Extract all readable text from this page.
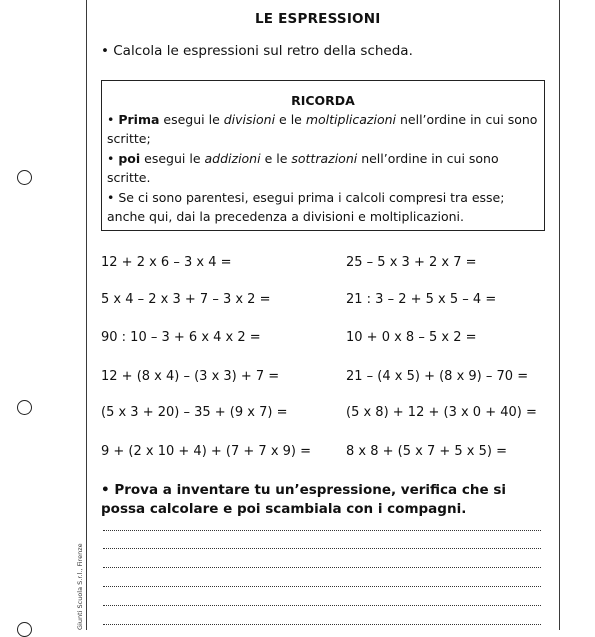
Giunti Scuola S.r.l., Firenze
LE ESPRESSIONI
• Calcola le espressioni sul retro della scheda.
RICORDA
• Prima esegui le divisioni e le moltiplicazioni nell’ordine in cui sono scritte;
• poi esegui le addizioni e le sottrazioni nell’ordine in cui sono scritte.
• Se ci sono parentesi, esegui prima i calcoli compresi tra esse; anche qui, dai la precedenza a divisioni e moltiplicazioni.
12 + 2 x 6 – 3 x 4 =
5 x 4 – 2 x 3 + 7 – 3 x 2 =
90 : 10 – 3 + 6 x 4 x 2 =
12 + (8 x 4) – (3 x 3) + 7 =
(5 x 3 + 20) – 35 + (9 x 7) =
9 + (2 x 10 + 4) + (7 + 7 x 9) =
25 – 5 x 3 + 2 x 7 =
21 : 3 – 2 + 5 x 5 – 4 =
10 + 0 x 8 – 5 x 2 =
21 – (4 x 5) + (8 x 9) – 70 =
(5 x 8) + 12 + (3 x 0 + 40) =
8 x 8 + (5 x 7 + 5 x 5) =
• Prova a inventare tu un’espressione, verifica che si possa calcolare e poi scambiala con i compagni.
